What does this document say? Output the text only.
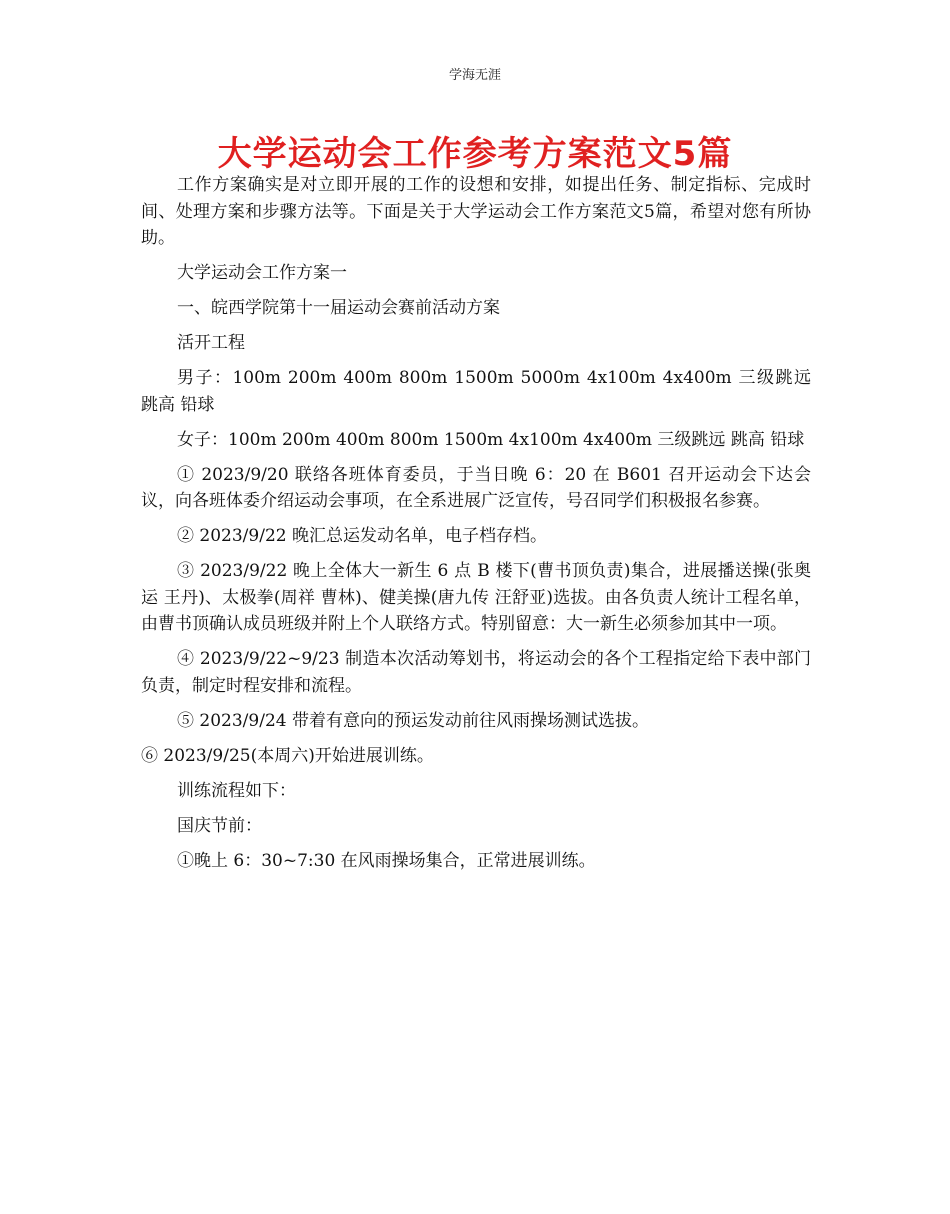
学海无涯
大学运动会工作参考方案范文5篇

工作方案确实是对立即开展的工作的设想和安排，如提出任务、制定指标、完成时间、处理方案和步骤方法等。下面是关于大学运动会工作方案范文5篇，希望对您有所协助。

大学运动会工作方案一

一、皖西学院第十一届运动会赛前活动方案

活开工程

男子：100m 200m 400m 800m 1500m 5000m 4x100m 4x400m 三级跳远 跳高 铅球

女子：100m 200m 400m 800m 1500m 4x100m 4x400m 三级跳远 跳高 铅球

① 2023/9/20 联络各班体育委员，于当日晚 6：20 在 B601 召开运动会下达会议，向各班体委介绍运动会事项，在全系进展广泛宣传，号召同学们积极报名参赛。

② 2023/9/22 晚汇总运发动名单，电子档存档。

③ 2023/9/22 晚上全体大一新生 6 点 B 楼下(曹书顶负责)集合，进展播送操(张奥运 王丹)、太极拳(周祥 曹林)、健美操(唐九传 汪舒亚)选拔。由各负责人统计工程名单，由曹书顶确认成员班级并附上个人联络方式。特别留意：大一新生必须参加其中一项。

④ 2023/9/22~9/23 制造本次活动筹划书，将运动会的各个工程指定给下表中部门负责，制定时程安排和流程。

⑤ 2023/9/24 带着有意向的预运发动前往风雨操场测试选拔。

⑥ 2023/9/25(本周六)开始进展训练。

训练流程如下：

国庆节前：

①晚上 6：30~7:30 在风雨操场集合，正常进展训练。
